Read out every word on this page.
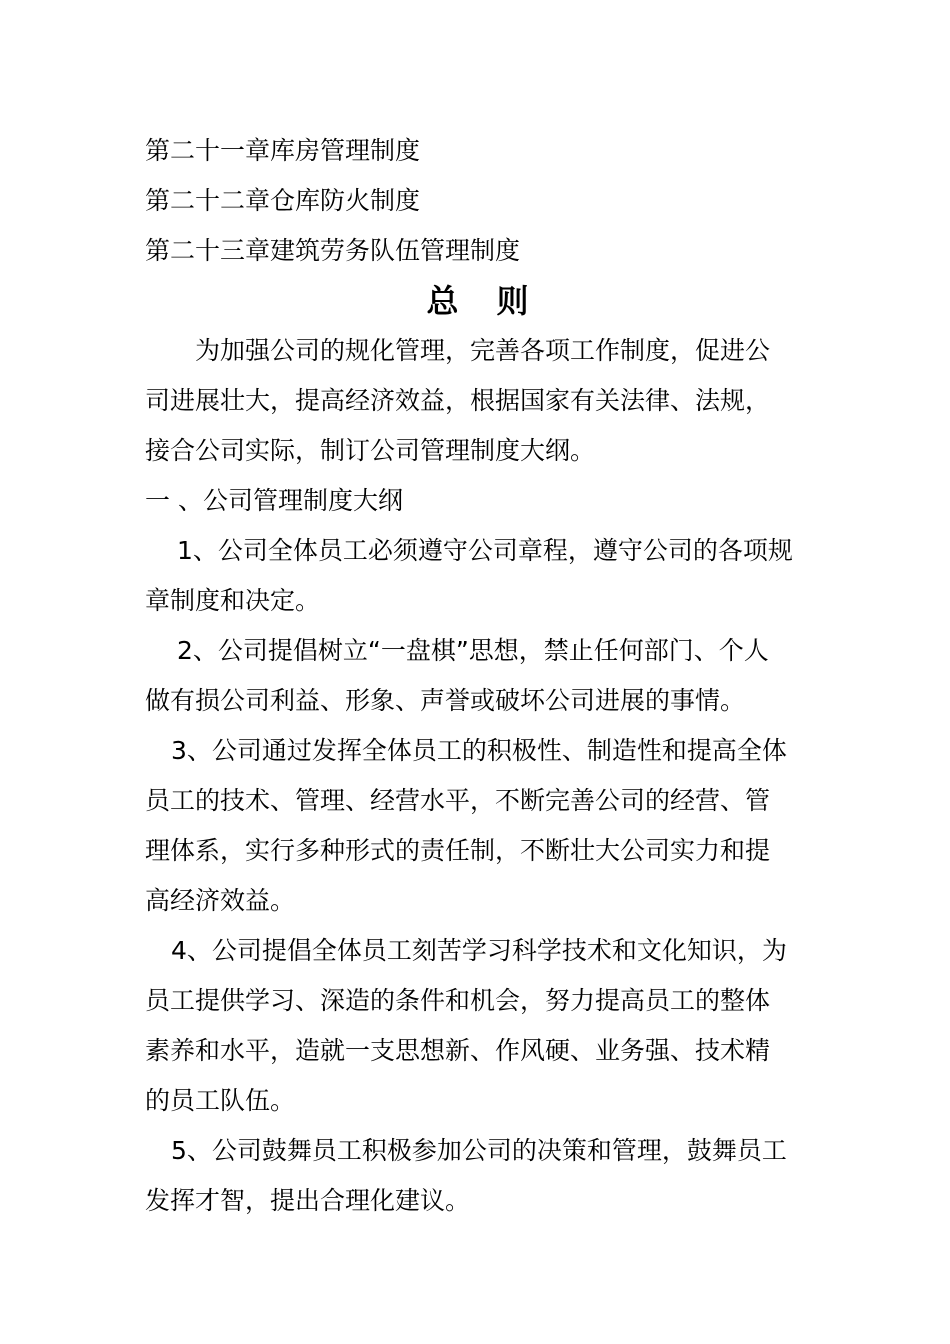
第二十一章库房管理制度
第二十二章仓库防火制度
第二十三章建筑劳务队伍管理制度
总则
为加强公司的规化管理，完善各项工作制度，促进公
司进展壮大，提高经济效益，根据国家有关法律、法规，
接合公司实际，制订公司管理制度大纲。
一 、公司管理制度大纲
1、公司全体员工必须遵守公司章程，遵守公司的各项规
章制度和决定。
2、公司提倡树立“一盘棋”思想，禁止任何部门、个人
做有损公司利益、形象、声誉或破坏公司进展的事情。
3、公司通过发挥全体员工的积极性、制造性和提高全体
员工的技术、管理、经营水平，不断完善公司的经营、管
理体系，实行多种形式的责任制，不断壮大公司实力和提
高经济效益。
4、公司提倡全体员工刻苦学习科学技术和文化知识，为
员工提供学习、深造的条件和机会，努力提高员工的整体
素养和水平，造就一支思想新、作风硬、业务强、技术精
的员工队伍。
5、公司鼓舞员工积极参加公司的决策和管理，鼓舞员工
发挥才智，提出合理化建议。
